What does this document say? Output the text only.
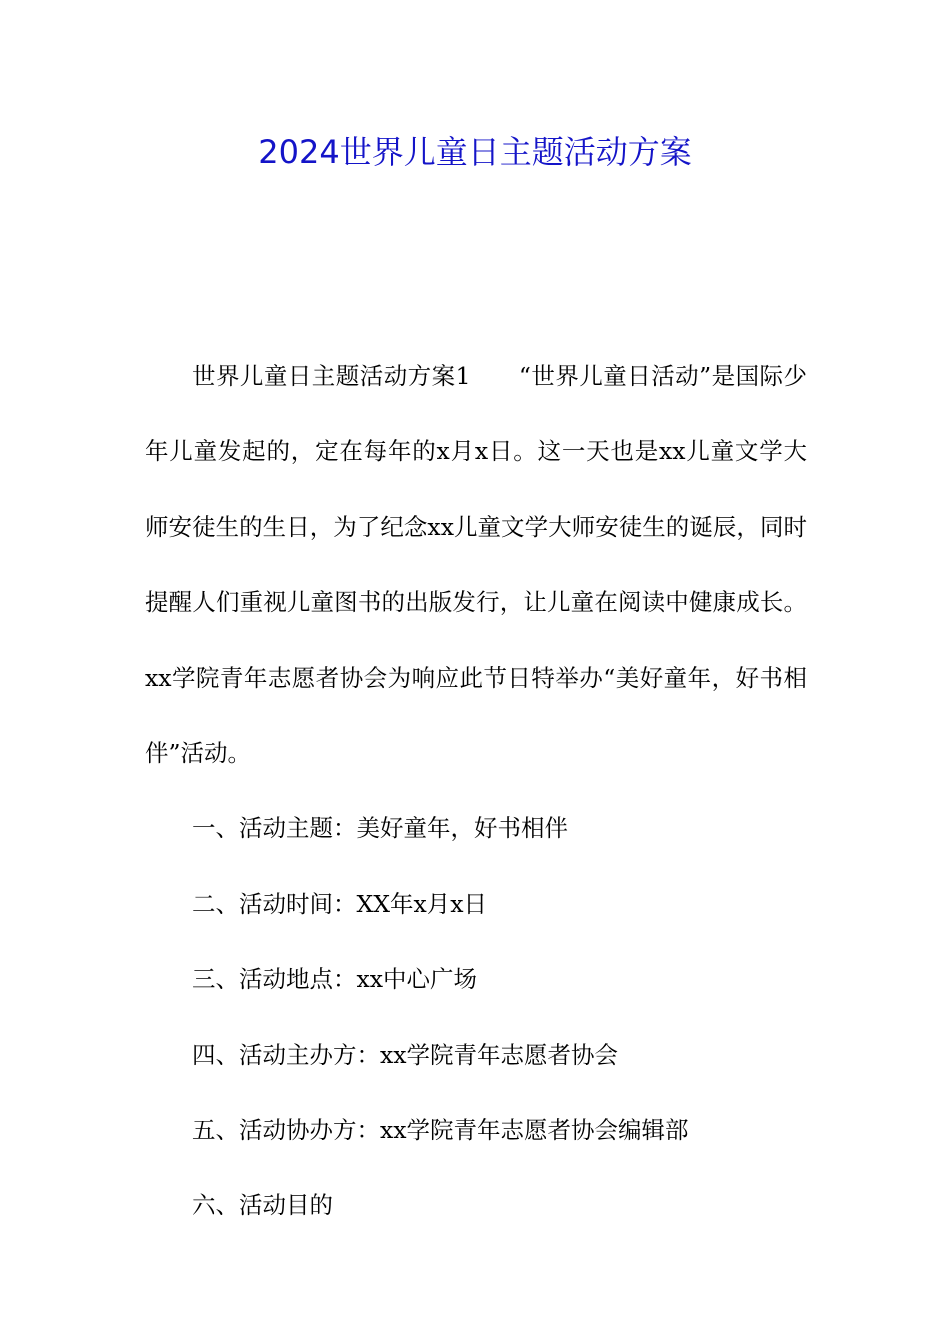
2024世界儿童日主题活动方案

世界儿童日主题活动方案1　　“世界儿童日活动”是国际少年儿童发起的，定在每年的x月x日。这一天也是xx儿童文学大师安徒生的生日，为了纪念xx儿童文学大师安徒生的诞辰，同时提醒人们重视儿童图书的出版发行，让儿童在阅读中健康成长。xx学院青年志愿者协会为响应此节日特举办“美好童年，好书相伴”活动。

一、活动主题：美好童年，好书相伴

二、活动时间：XX年x月x日

三、活动地点：xx中心广场

四、活动主办方：xx学院青年志愿者协会

五、活动协办方：xx学院青年志愿者协会编辑部

六、活动目的
